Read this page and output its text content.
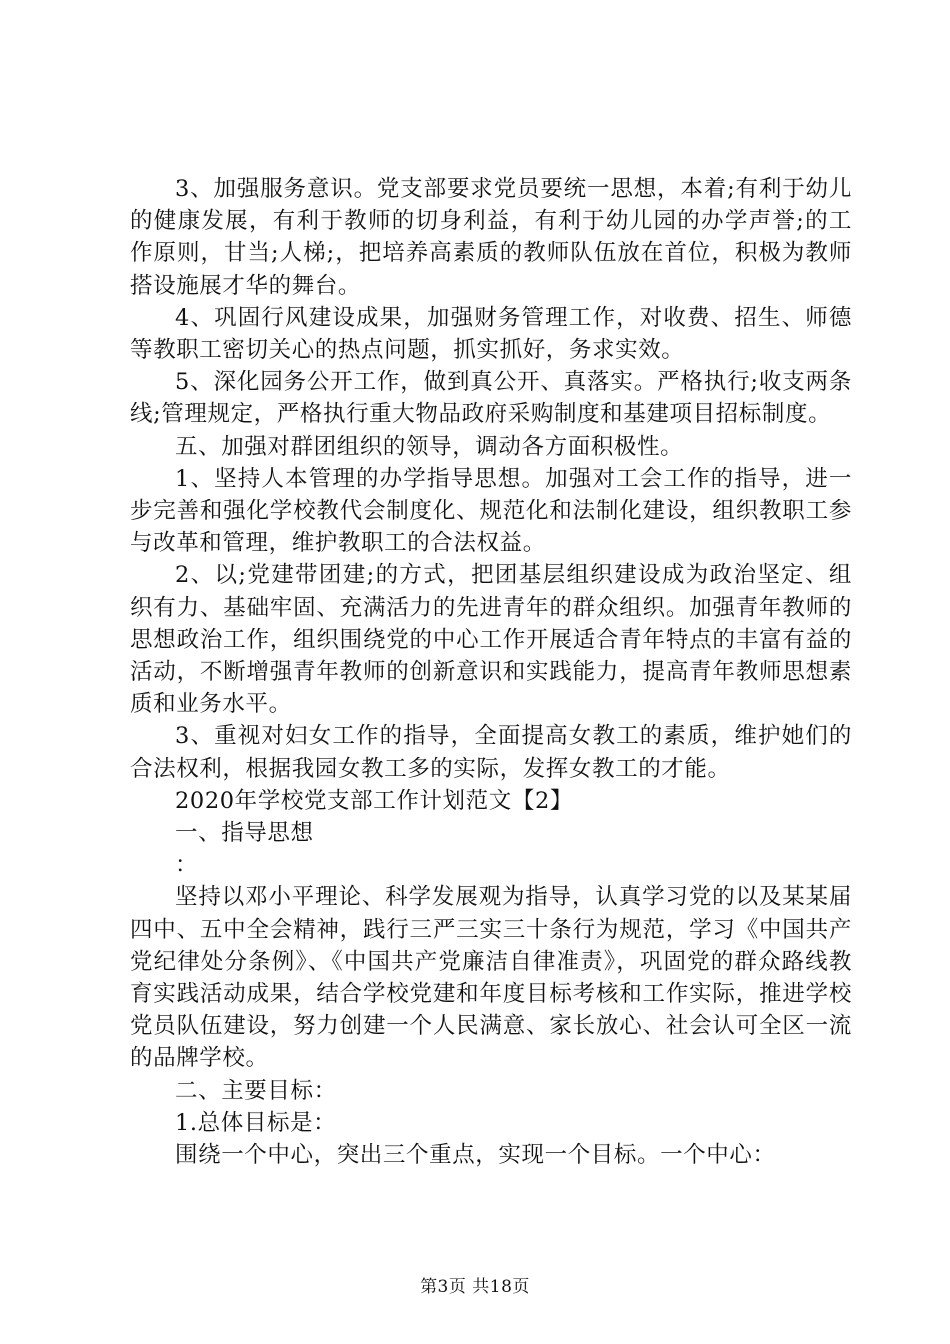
3、加强服务意识。党支部要求党员要统一思想，本着;有利于幼儿的健康发展，有利于教师的切身利益，有利于幼儿园的办学声誉;的工作原则，甘当;人梯;，把培养高素质的教师队伍放在首位，积极为教师搭设施展才华的舞台。

4、巩固行风建设成果，加强财务管理工作，对收费、招生、师德等教职工密切关心的热点问题，抓实抓好，务求实效。

5、深化园务公开工作，做到真公开、真落实。严格执行;收支两条线;管理规定，严格执行重大物品政府采购制度和基建项目招标制度。

五、加强对群团组织的领导，调动各方面积极性。

1、坚持人本管理的办学指导思想。加强对工会工作的指导，进一步完善和强化学校教代会制度化、规范化和法制化建设，组织教职工参与改革和管理，维护教职工的合法权益。

2、以;党建带团建;的方式，把团基层组织建设成为政治坚定、组织有力、基础牢固、充满活力的先进青年的群众组织。加强青年教师的思想政治工作，组织围绕党的中心工作开展适合青年特点的丰富有益的活动，不断增强青年教师的创新意识和实践能力，提高青年教师思想素质和业务水平。

3、重视对妇女工作的指导，全面提高女教工的素质，维护她们的合法权利，根据我园女教工多的实际，发挥女教工的才能。

2020年学校党支部工作计划范文【2】

一、指导思想

：

坚持以邓小平理论、科学发展观为指导，认真学习党的以及某某届四中、五中全会精神，践行三严三实三十条行为规范，学习《中国共产党纪律处分条例》、《中国共产党廉洁自律准责》，巩固党的群众路线教育实践活动成果，结合学校党建和年度目标考核和工作实际，推进学校党员队伍建设，努力创建一个人民满意、家长放心、社会认可全区一流的品牌学校。

二、主要目标：

1.总体目标是：

围绕一个中心，突出三个重点，实现一个目标。一个中心：

第3页 共18页
